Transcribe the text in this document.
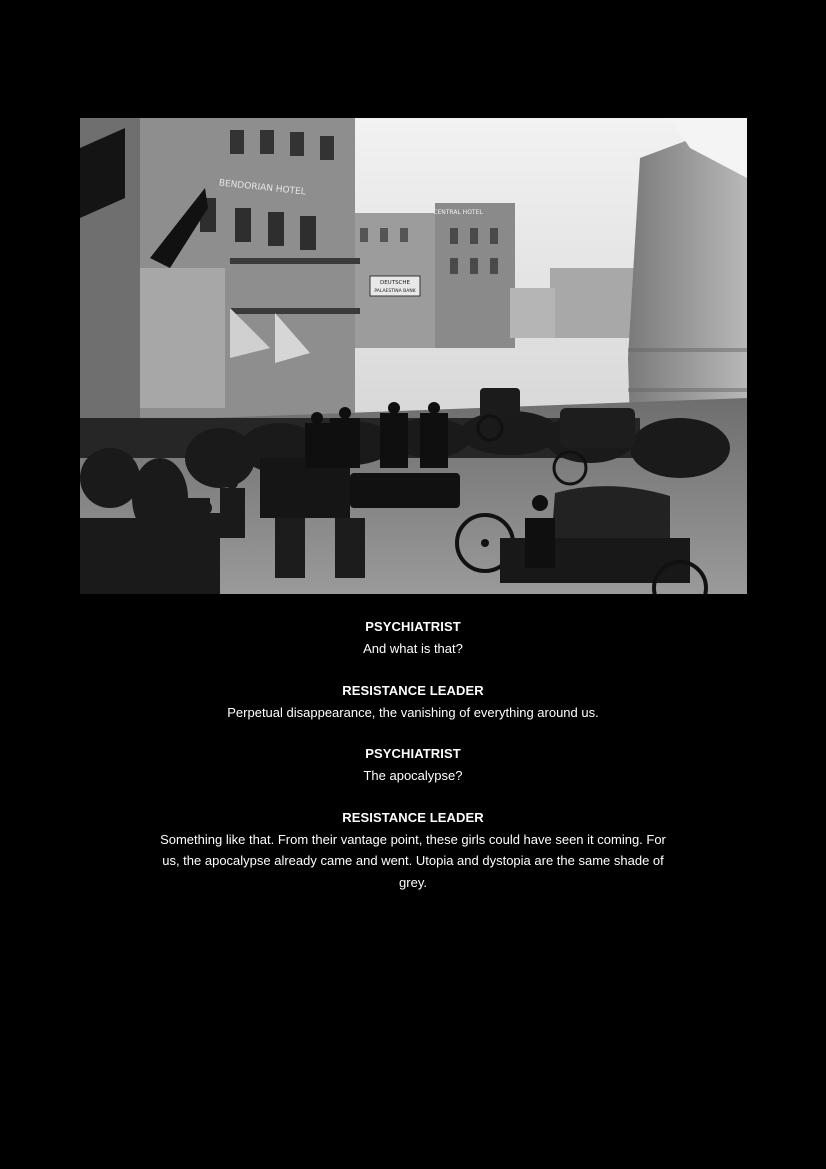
DEUTSCHE
PALAESTINA BANK
CENTRAL HOTEL
BENDORIAN HOTEL
PSYCHIATRIST
And what is that?
RESISTANCE LEADER
Perpetual disappearance, the vanishing of everything around us.
PSYCHIATRIST
The apocalypse?
RESISTANCE LEADER
Something like that. From their vantage point, these girls could have seen it coming. For us, the apocalypse already came and went. Utopia and dystopia are the same shade of grey.
